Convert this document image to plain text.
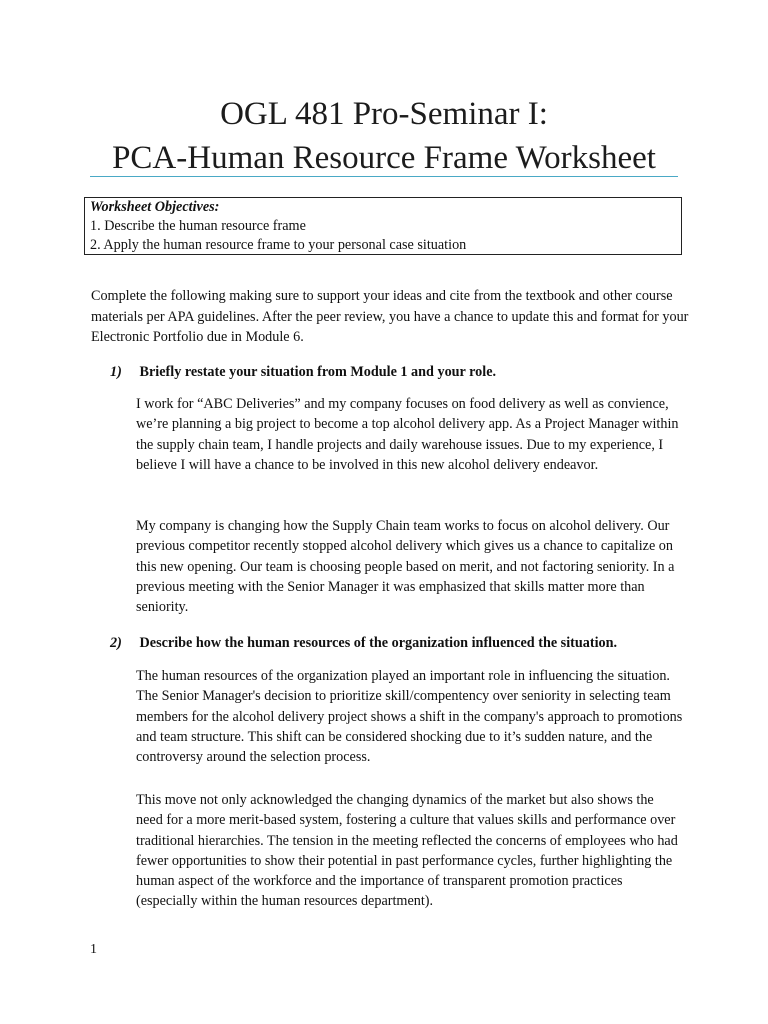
OGL 481 Pro-Seminar I:
PCA-Human Resource Frame Worksheet
Worksheet Objectives:
1. Describe the human resource frame
2. Apply the human resource frame to your personal case situation

Complete the following making sure to support your ideas and cite from the textbook and other course materials per APA guidelines. After the peer review, you have a chance to update this and format for your Electronic Portfolio due in Module 6.

1) Briefly restate your situation from Module 1 and your role.

I work for “ABC Deliveries” and my company focuses on food delivery as well as convience, we’re planning a big project to become a top alcohol delivery app. As a Project Manager within the supply chain team, I handle projects and daily warehouse issues. Due to my experience, I believe I will have a chance to be involved in this new alcohol delivery endeavor.

My company is changing how the Supply Chain team works to focus on alcohol delivery. Our previous competitor recently stopped alcohol delivery which gives us a chance to capitalize on this new opening. Our team is choosing people based on merit, and not factoring seniority. In a previous meeting with the Senior Manager it was emphasized that skills matter more than seniority.

2) Describe how the human resources of the organization influenced the situation.

The human resources of the organization played an important role in influencing the situation. The Senior Manager's decision to prioritize skill/compentency over seniority in selecting team members for the alcohol delivery project shows a shift in the company's approach to promotions and team structure. This shift can be considered shocking due to it’s sudden nature, and the controversy around the selection process.

This move not only acknowledged the changing dynamics of the market but also shows the need for a more merit-based system, fostering a culture that values skills and performance over traditional hierarchies. The tension in the meeting reflected the concerns of employees who had fewer opportunities to show their potential in past performance cycles, further highlighting the human aspect of the workforce and the importance of transparent promotion practices (especially within the human resources department).

1
